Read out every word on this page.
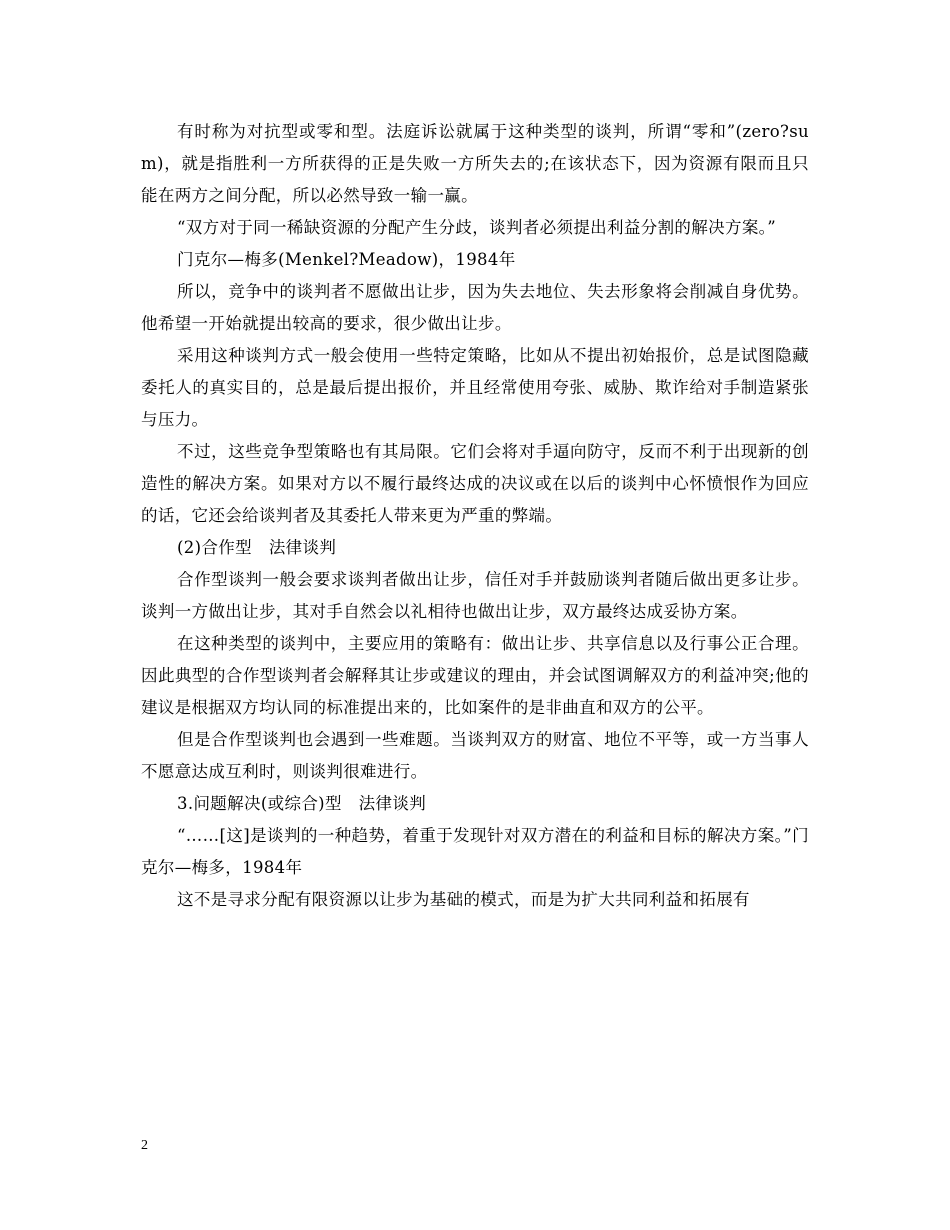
有时称为对抗型或零和型。法庭诉讼就属于这种类型的谈判，所谓“零和”(zero?sum)，就是指胜利一方所获得的正是失败一方所失去的;在该状态下，因为资源有限而且只能在两方之间分配，所以必然导致一输一赢。

“双方对于同一稀缺资源的分配产生分歧，谈判者必须提出利益分割的解决方案。”

门克尔—梅多(Menkel?Meadow)，1984年

所以，竞争中的谈判者不愿做出让步，因为失去地位、失去形象将会削减自身优势。他希望一开始就提出较高的要求，很少做出让步。

采用这种谈判方式一般会使用一些特定策略，比如从不提出初始报价，总是试图隐藏委托人的真实目的，总是最后提出报价，并且经常使用夸张、威胁、欺诈给对手制造紧张与压力。

不过，这些竞争型策略也有其局限。它们会将对手逼向防守，反而不利于出现新的创造性的解决方案。如果对方以不履行最终达成的决议或在以后的谈判中心怀愤恨作为回应的话，它还会给谈判者及其委托人带来更为严重的弊端。

(2)合作型　法律谈判

合作型谈判一般会要求谈判者做出让步，信任对手并鼓励谈判者随后做出更多让步。谈判一方做出让步，其对手自然会以礼相待也做出让步，双方最终达成妥协方案。

在这种类型的谈判中，主要应用的策略有：做出让步、共享信息以及行事公正合理。因此典型的合作型谈判者会解释其让步或建议的理由，并会试图调解双方的利益冲突;他的建议是根据双方均认同的标准提出来的，比如案件的是非曲直和双方的公平。

但是合作型谈判也会遇到一些难题。当谈判双方的财富、地位不平等，或一方当事人不愿意达成互利时，则谈判很难进行。

3.问题解决(或综合)型　法律谈判

“……[这]是谈判的一种趋势，着重于发现针对双方潜在的利益和目标的解决方案。”门克尔—梅多，1984年

这不是寻求分配有限资源以让步为基础的模式，而是为扩大共同利益和拓展有

2
